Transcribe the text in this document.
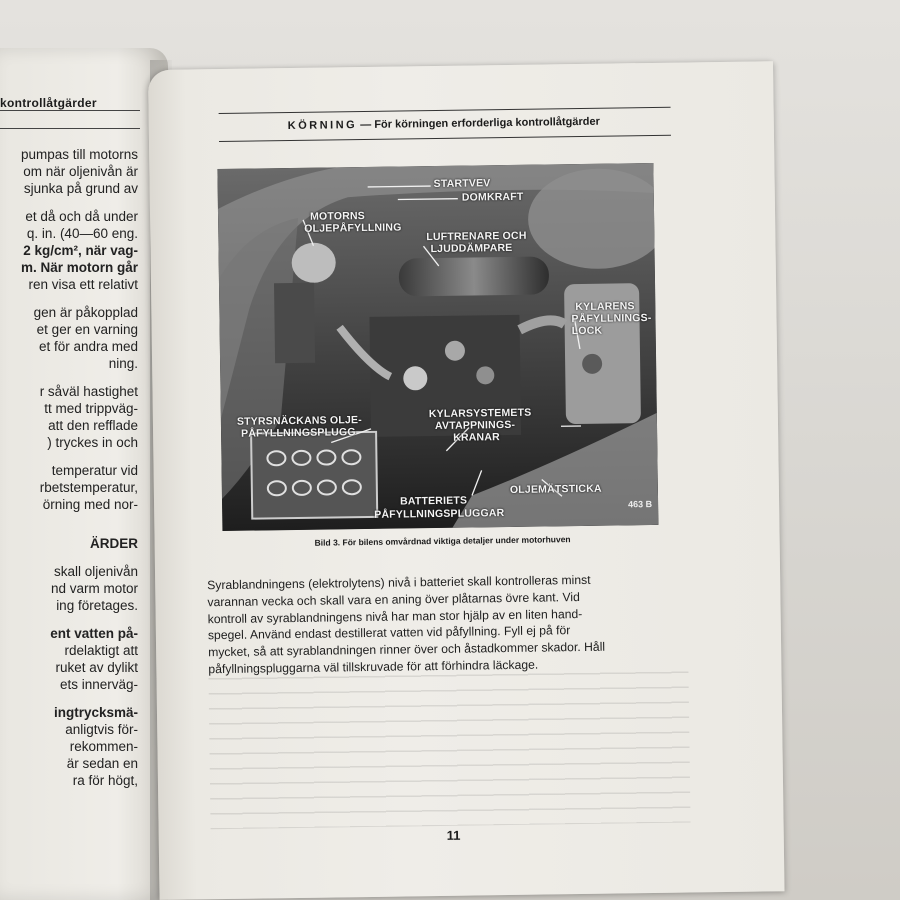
kontrollåtgärder
pumpas till motorns
om när oljenivån är
sjunka på grund av
et då och då under
q. in. (40—60 eng.
2 kg/cm², när vag-
m. När motorn går
ren visa ett relativt
gen är påkopplad
et ger en varning
et för andra med
ning.
r såväl hastighet
tt med trippväg-
att den refflade
) tryckes in och
temperatur vid
rbetstemperatur,
örning med nor-
ÄRDER
skall oljenivån
nd varm motor
ing företages.
ent vatten på-
rdelaktigt att
ruket av dylikt
ets innerväg-
ingtrycksmä-
anligtvis för-
rekommen-
är sedan en
ra för högt,
KÖRNING — För körningen erforderliga kontrollåtgärder
STARTVEV
DOMKRAFT
MOTORNS
OLJEPÅFYLLNING
LUFTRENARE OCH
LJUDDÄMPARE
KYLARENS
PÅFYLLNINGS-
LOCK
STYRSNÄCKANS OLJE-
PÅFYLLNINGSPLUGG
KYLARSYSTEMETS
AVTAPPNINGS-
KRANAR
BATTERIETS
PÅFYLLNINGSPLUGGAR
OLJEMÄTSTICKA
463 B
Bild 3. För bilens omvårdnad viktiga detaljer under motorhuven
Syrablandningens (elektrolytens) nivå i batteriet skall kontrolleras minst
varannan vecka och skall vara en aning över plåtarnas övre kant. Vid
kontroll av syrablandningens nivå har man stor hjälp av en liten hand-
spegel. Använd endast destillerat vatten vid påfyllning. Fyll ej på för
mycket, så att syrablandningen rinner över och åstadkommer skador. Håll
påfyllningspluggarna väl tillskruvade för att förhindra läckage.
11
